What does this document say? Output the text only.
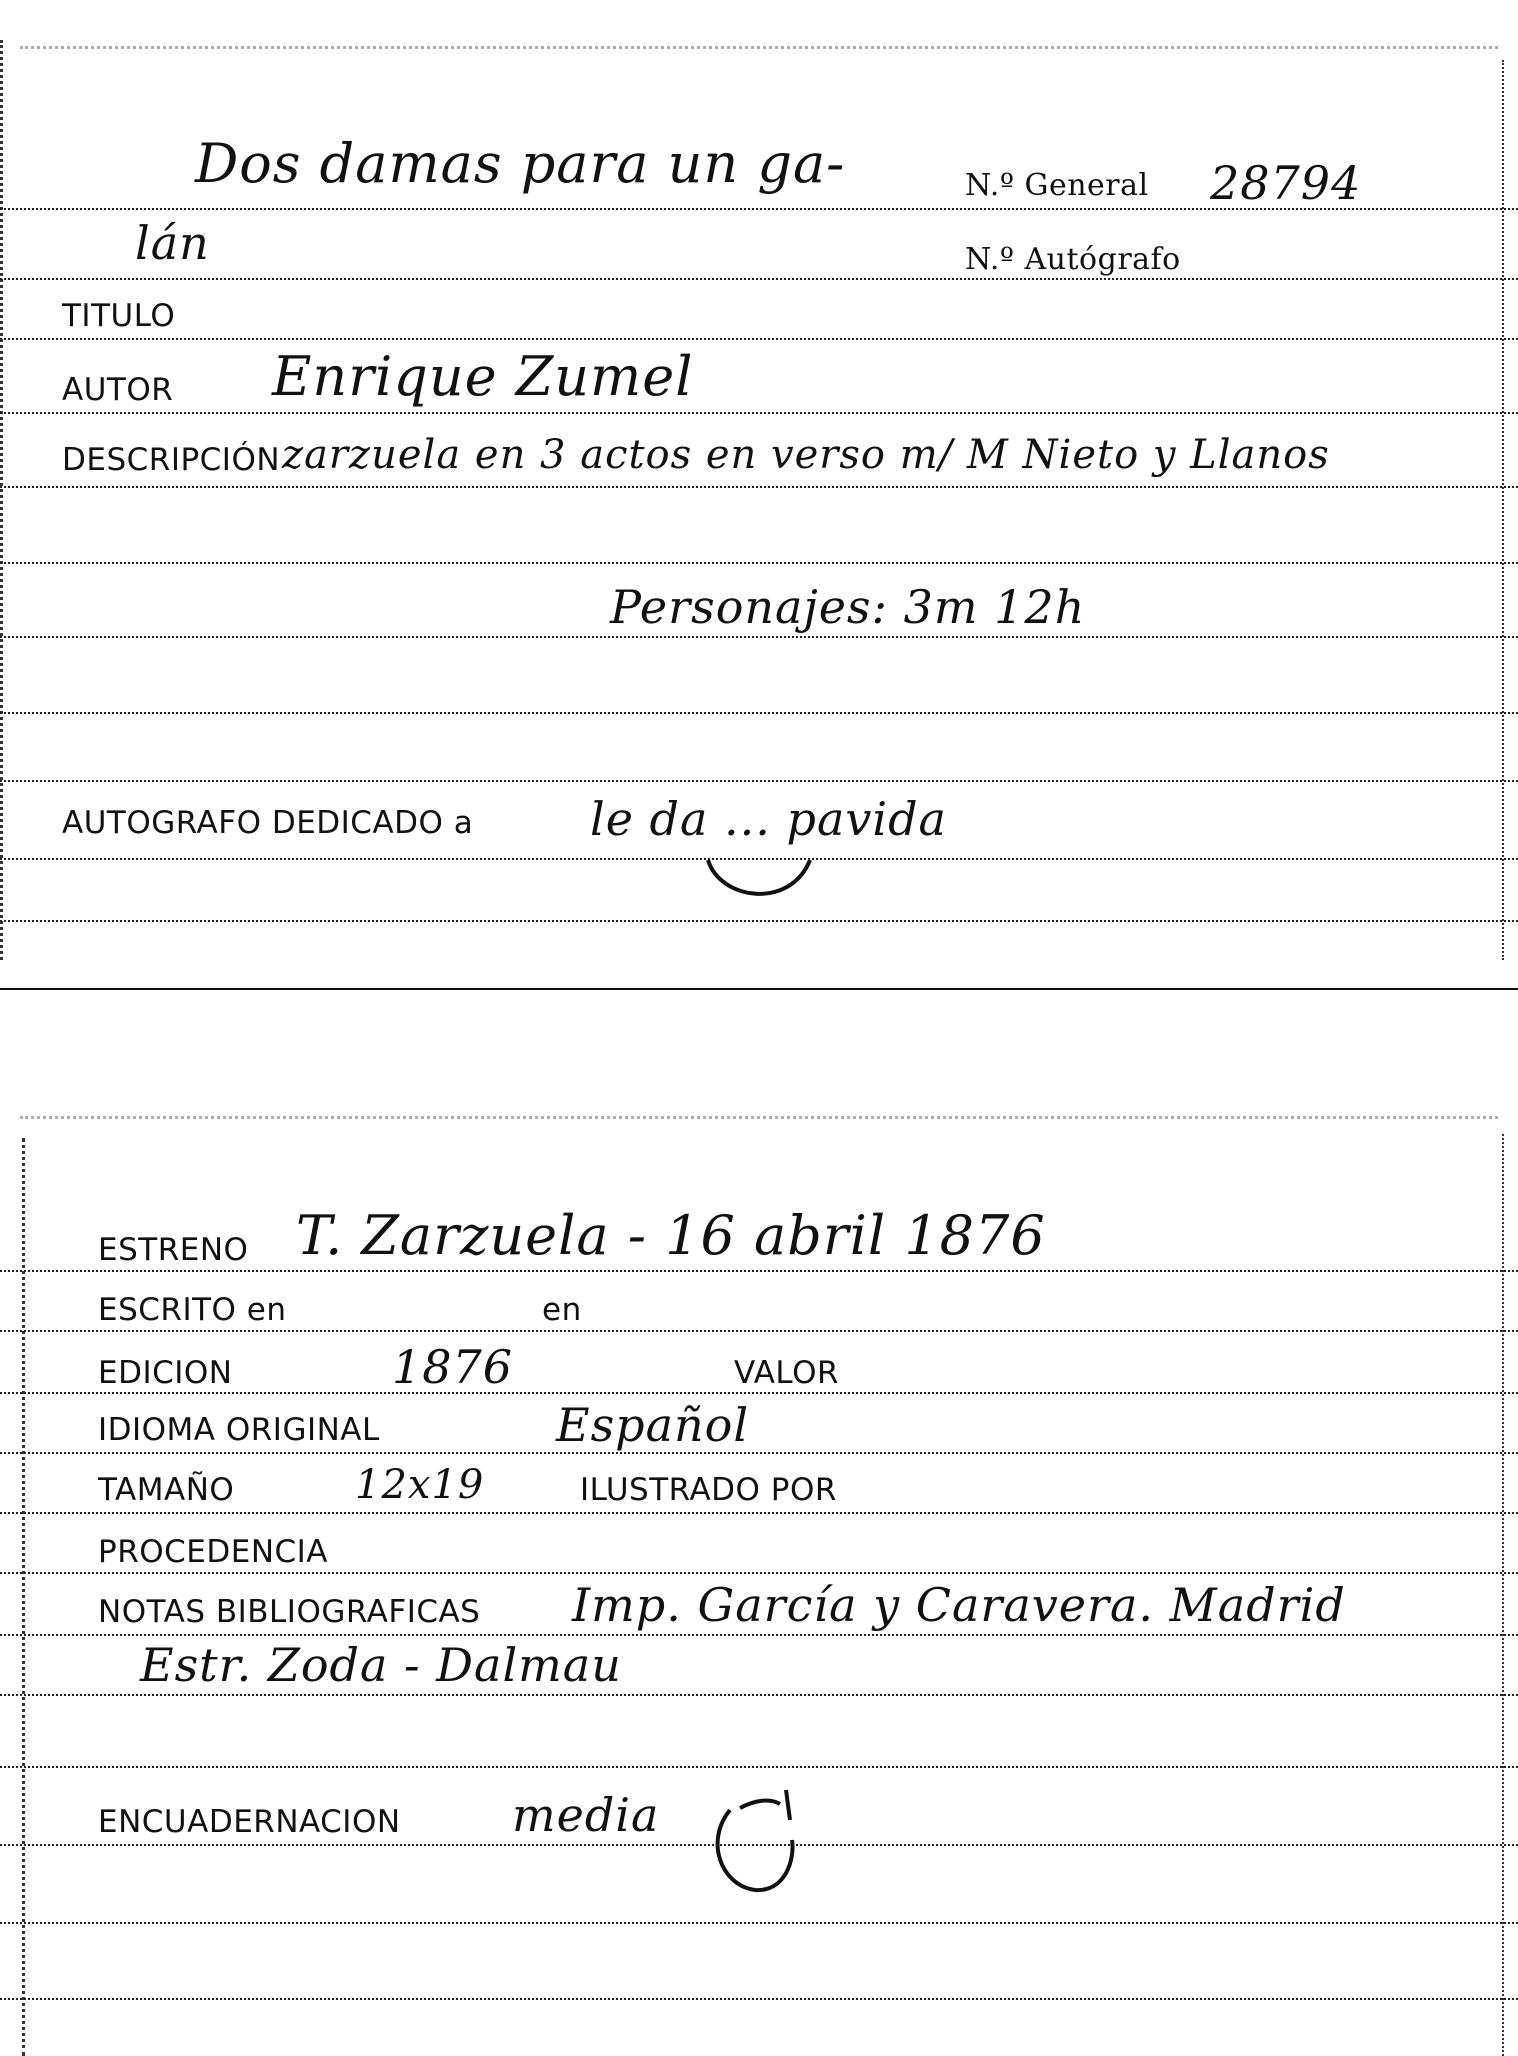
Dos damas para un ga-	N.º General 28794
lán	N.º Autógrafo
TITULO
AUTOR Enrique Zumel
DESCRIPCIÓN zarzuela en 3 actos en verso m/ M Nieto y Llanos
Personajes: 3m 12h
AUTOGRAFO DEDICADO a	le da ... pavida
ESTRENO T. Zarzuela - 16 abril 1876
ESCRITO en	en
EDICION	1876	VALOR
IDIOMA ORIGINAL	Español
TAMAÑO	12x19	ILUSTRADO POR
PROCEDENCIA
NOTAS BIBLIOGRAFICAS Imp. García y Caravera. Madrid
Estr. Zoda - Dalmau
ENCUADERNACION media
